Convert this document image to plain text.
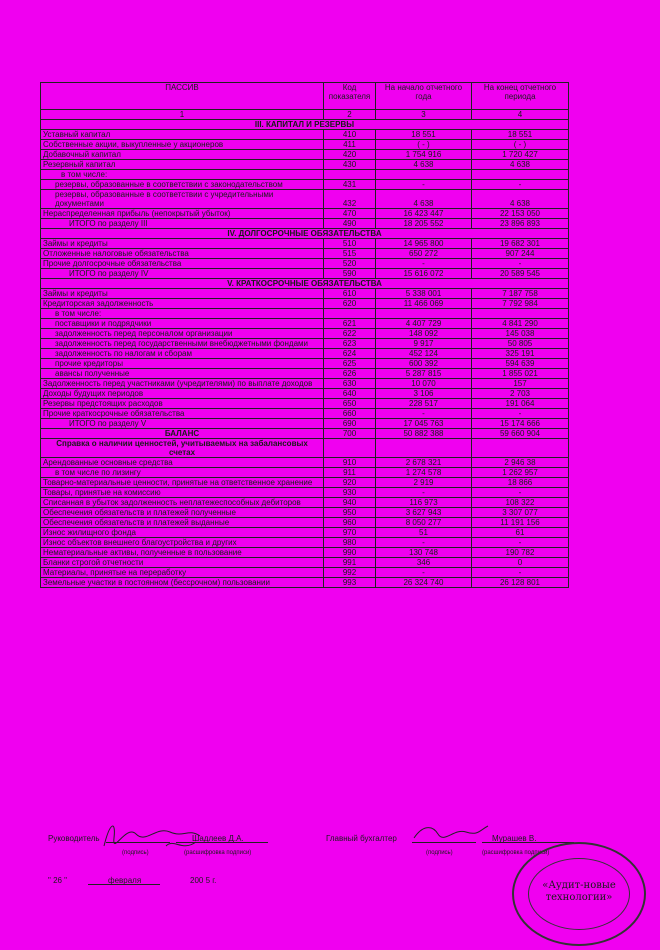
ПАССИВ	Код показателя	На начало отчетного года	На конец отчетного периода
1	2	3	4
III. КАПИТАЛ И РЕЗЕРВЫ			
Уставный капитал	410	18 551	18 551
Собственные акции, выкупленные у акционеров	411	( - )	( - )
Добавочный капитал	420	1 754 916	1 720 427
Резервный капитал	430	4 638	4 638
в том числе:			
резервы, образованные в соответствии с законодательством	431	-	-
резервы, образованные в соответствии с учредительными документами	432	4 638	4 638
Нераспределенная прибыль (непокрытый убыток)	470	16 423 447	22 153 050
ИТОГО по разделу III	490	18 205 552	23 896 893
IV. ДОЛГОСРОЧНЫЕ ОБЯЗАТЕЛЬСТВА			
Займы и кредиты	510	14 965 800	19 682 301
Отложенные налоговые обязательства	515	650 272	907 244
Прочие долгосрочные обязательства	520	-	-
ИТОГО по разделу IV	590	15 616 072	20 589 545
V. КРАТКОСРОЧНЫЕ ОБЯЗАТЕЛЬСТВА			
Займы и кредиты	610	5 338 001	7 187 758
Кредиторская задолженность	620	11 466 069	7 792 984
в том числе:			
поставщики и подрядчики	621	4 407 729	4 841 290
задолженность перед персоналом организации	622	148 092	145 038
задолженность перед государственными внебюджетными фондами	623	9 917	50 805
задолженность по налогам и сборам	624	452 124	325 191
прочие кредиторы	625	600 392	594 639
авансы полученные	626	5 287 815	1 855 021
Задолженность перед участниками (учредителями) по выплате доходов	630	10 070	157
Доходы будущих периодов	640	3 106	2 703
Резервы предстоящих расходов	650	228 517	191 064
Прочие краткосрочные обязательства	660	-	-
ИТОГО по разделу V	690	17 045 763	15 174 666
БАЛАНС	700	50 882 388	59 660 904
Справка о наличии ценностей, учитываемых на забалансовых счетах			
Арендованные основные средства	910	2 678 321	2 946 38
в том числе по лизингу	911	1 274 578	1 262 957
Товарно-материальные ценности, принятые на ответственное хранение	920	2 919	18 866
Товары, принятые на комиссию	930	-	-
Списанная в убыток задолженность неплатежеспособных дебиторов	940	116 973	108 322
Обеспечения обязательств и платежей полученные	950	3 627 943	3 307 077
Обеспечения обязательств и платежей выданные	960	8 050 277	11 191 156
Износ жилищного фонда	970	51	61
Износ объектов внешнего благоустройства и других	980	-	-
Нематериальные активы, полученные в пользование	990	130 748	190 782
Бланки строгой отчетности	991	346	0
Материалы, принятые на переработку	992	-	-
Земельные участки в постоянном (бессрочном) пользовании	993	26 324 740	26 128 801
Руководитель	Шадлеев Д.А.
(подпись)	(расшифровка подписи)
Главный бухгалтер	Мурашев В.
(подпись)	(расшифровка подписи)
" 26 "	февраля	200 5 г.	«Аудит-новые технологии»
